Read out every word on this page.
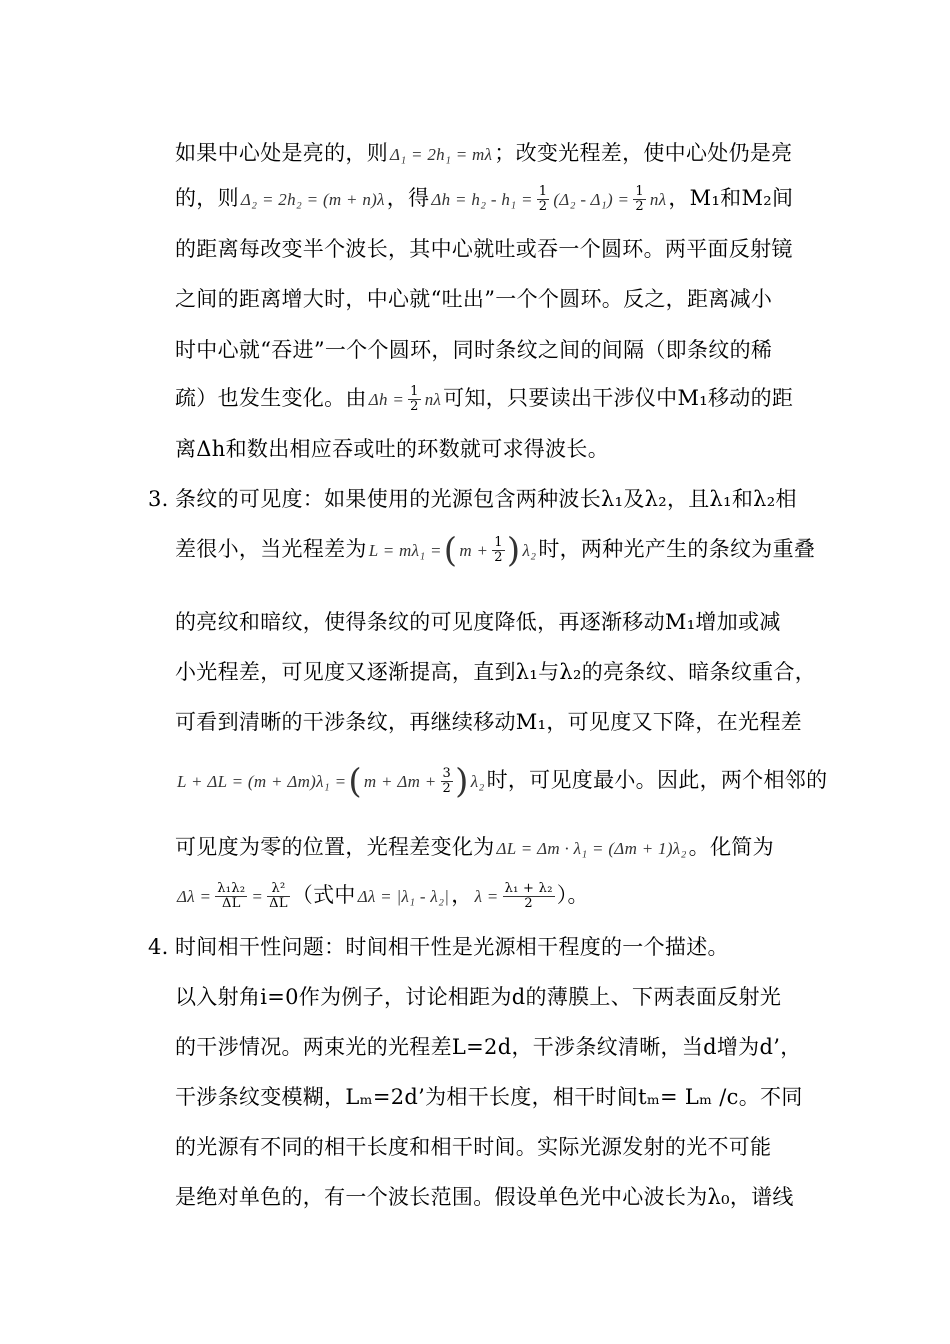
如果中心处是亮的，则 Δ₁ = 2h₁ = mλ；改变光程差，使中心处仍是亮
的，则 Δ₂ = 2h₂ = (m + n)λ，得 $\Delta h = h_2 - h_1 = \frac{1}{2} (\Delta_2 - \Delta_1) = \frac{1}{2}$ nλ，M₁和M₂间
的距离每改变半个波长，其中心就吐或吞一个圆环。两平面反射镜
之间的距离增大时，中心就“吐出”一个个圆环。反之，距离减小
时中心就“吞进”一个个圆环，同时条纹之间的间隔（即条纹的稀
疏）也发生变化。由 $\Delta h = \frac{1}{2}$ nλ可知，只要读出干涉仪中M₁移动的距
离Δh和数出相应吞或吐的环数就可求得波长。
3. 条纹的可见度：如果使用的光源包含两种波长λ₁及λ₂，且λ₁和λ₂相
差很小，当光程差为 L = mλ₁ =( $m + \frac{1}{2}$ ) λ₂时，两种光产生的条纹为重叠
的亮纹和暗纹，使得条纹的可见度降低，再逐渐移动M₁增加或减
小光程差，可见度又逐渐提高，直到λ₁与λ₂的亮条纹、暗条纹重合，
可看到清晰的干涉条纹，再继续移动M₁，可见度又下降，在光程差
L + ΔL = (m + Δm)λ₁ =( $m + \Delta m + \frac{3}{2}$ ) λ₂时，可见度最小。因此，两个相邻的
可见度为零的位置，光程差变化为 ΔL = Δm · λ₁ = (Δm + 1)λ₂。化简为
$\Delta\lambda = \frac{\text{λ₁λ₂}}{\Delta L} = \frac{\text{λ²}}{\Delta L}$ （式中 Δλ = |λ₁ - λ₂|， $\lambda = \frac{\text{λ₁ + λ₂}}{2}$ ）。
4. 时间相干性问题：时间相干性是光源相干程度的一个描述。
以入射角i=0作为例子，讨论相距为d的薄膜上、下两表面反射光
的干涉情况。两束光的光程差L=2d，干涉条纹清晰，当d增为d’，
干涉条纹变模糊，Lₘ=2d’为相干长度，相干时间tₘ= Lₘ /c。不同
的光源有不同的相干长度和相干时间。实际光源发射的光不可能
是绝对单色的，有一个波长范围。假设单色光中心波长为λ₀，谱线
